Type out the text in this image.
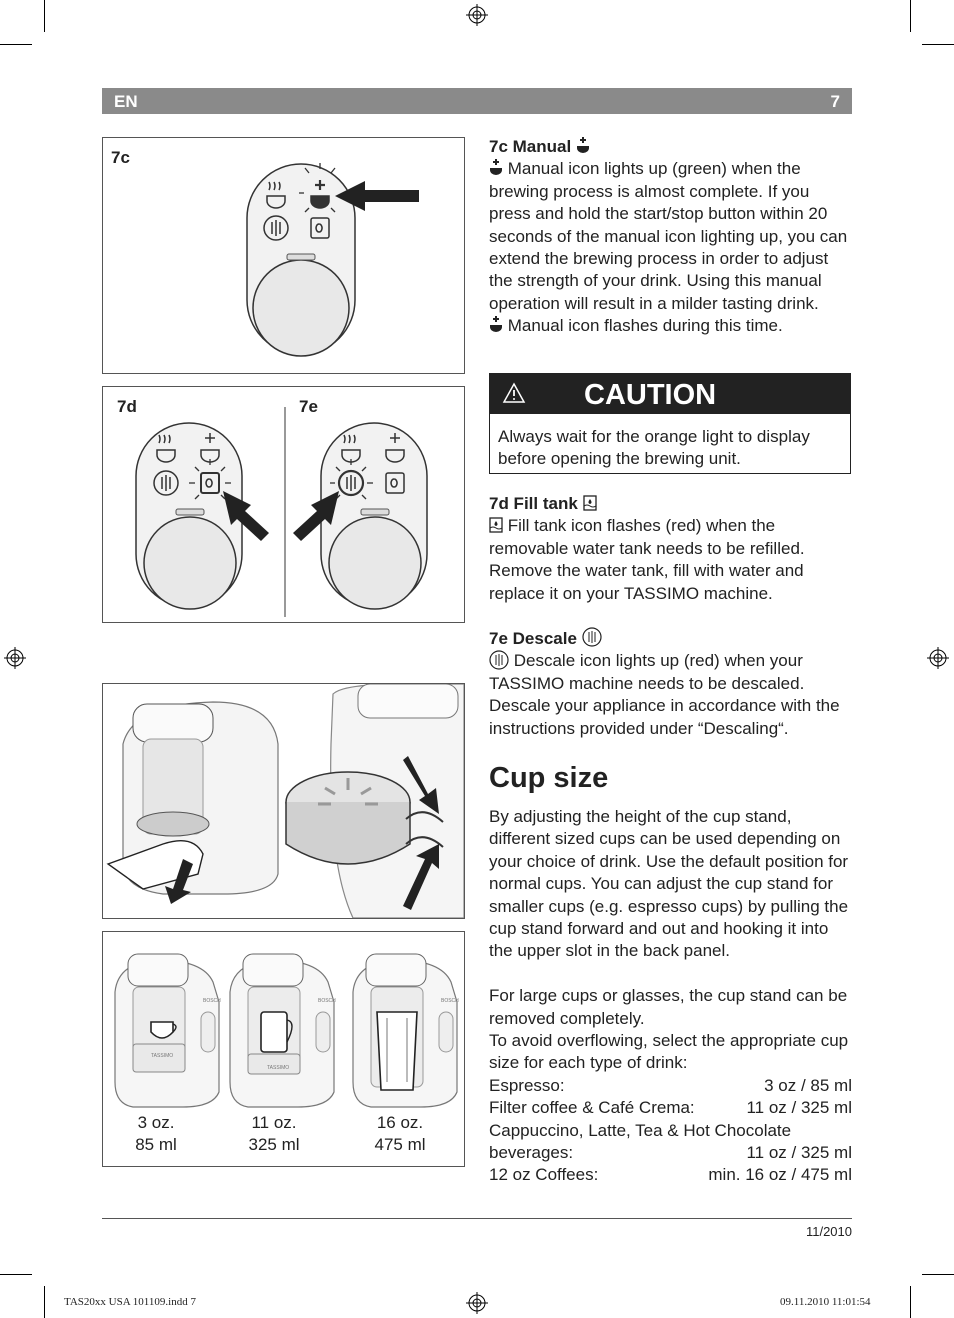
EN	7
7c
7d	7e
BOSCH	BOSCH	BOSCH
TASSIMO
TASSIMO
3 oz.
85 ml
11 oz.
325 ml
16 oz.
475 ml

7c Manual

Manual icon lights up (green) when the brewing process is almost complete. If you press and hold the start/stop button within 20 seconds of the manual icon lighting up, you can extend the brewing process in order to adjust the strength of your drink. Using this manual operation will result in a milder tasting drink.

Manual icon flashes during this time.

CAUTION
Always wait for the orange light to display before opening the brewing unit.

7d Fill tank

Fill tank icon flashes (red) when the removable water tank needs to be refilled. Remove the water tank, fill with water and replace it on your TASSIMO machine.

7e Descale

Descale icon lights up (red) when your TASSIMO machine needs to be descaled. Descale your appliance in accordance with the instructions provided under “Descaling“.

Cup size

By adjusting the height of the cup stand, different sized cups can be used depending on your choice of drink. Use the default position for normal cups. You can adjust the cup stand for smaller cups (e.g. espresso cups) by pulling the cup stand forward and out and hooking it into the upper slot in the back panel.

For large cups or glasses, the cup stand can be removed completely.

To avoid overflowing, select the appropriate cup size for each type of drink:

Espresso:	3 oz / 85 ml
Filter coffee & Café Crema:	11 oz / 325 ml
Cappuccino, Latte, Tea & Hot Chocolate
beverages:	11 oz / 325 ml
12 oz Coffees:	min. 16 oz / 475 ml
11/2010
TAS20xx USA 101109.indd 7	09.11.2010 11:01:54
